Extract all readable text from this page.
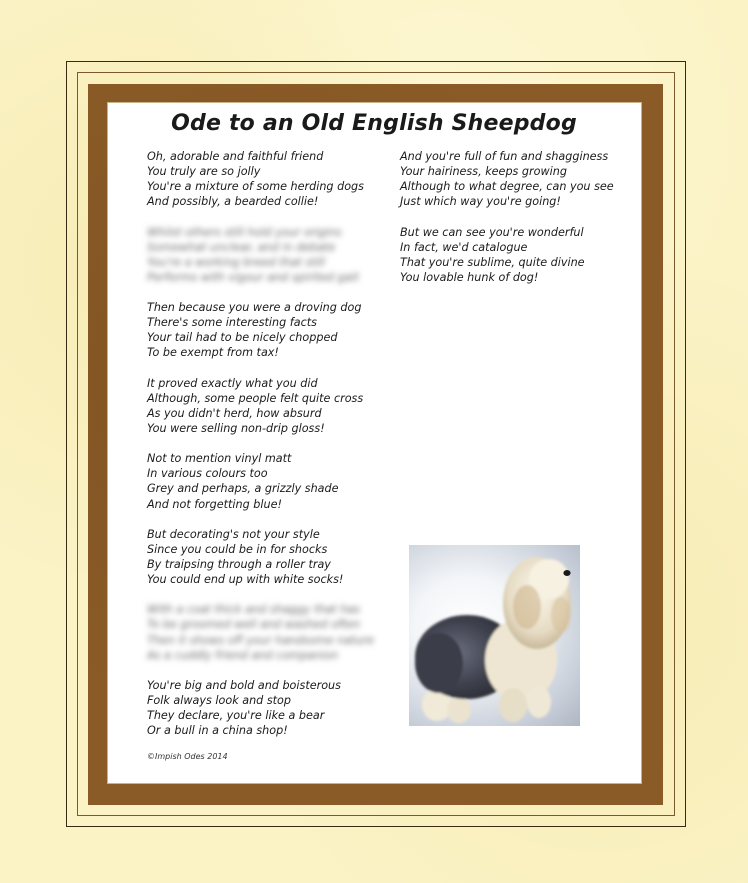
Ode to an Old English Sheepdog
Oh, adorable and faithful friend
You truly are so jolly
You're a mixture of some herding dogs
And possibly, a bearded collie!
Whilst others still hold your origins
Somewhat unclear, and in debate
You're a working breed that still
Performs with vigour and spirited gait
Then because you were a droving dog
There's some interesting facts
Your tail had to be nicely chopped
To be exempt from tax!
It proved exactly what you did
Although, some people felt quite cross
As you didn't herd, how absurd
You were selling non-drip gloss!
Not to mention vinyl matt
In various colours too
Grey and perhaps, a grizzly shade
And not forgetting blue!
But decorating's not your style
Since you could be in for shocks
By traipsing through a roller tray
You could end up with white socks!
With a coat thick and shaggy that has
To be groomed well and washed often
Then it shows off your handsome nature
As a cuddly friend and companion
You're big and bold and boisterous
Folk always look and stop
They declare, you're like a bear
Or a bull in a china shop!
And you're full of fun and shagginess
Your hairiness, keeps growing
Although to what degree, can you see
Just which way you're going!
But we can see you're wonderful
In fact, we'd catalogue
That you're sublime, quite divine
You lovable hunk of dog!
©Impish Odes 2014
